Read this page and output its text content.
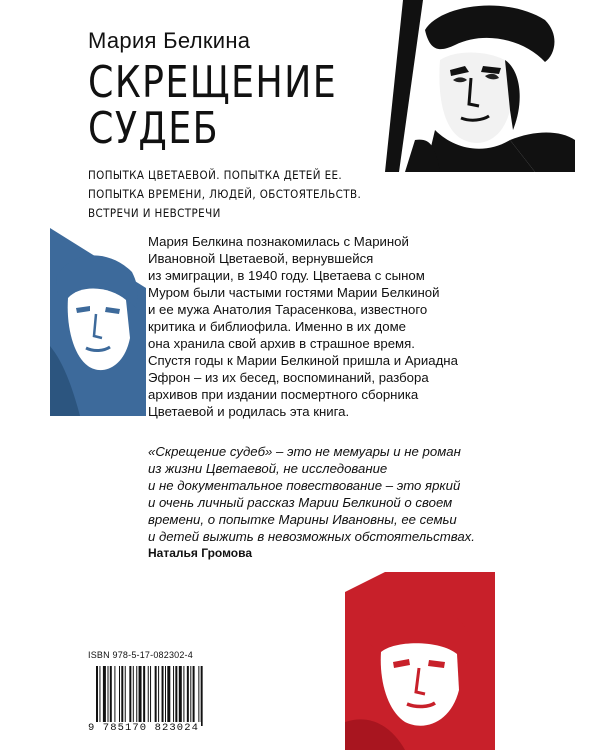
Мария Белкина
СКРЕЩЕНИЕ
СУДЕБ
ПОПЫТКА ЦВЕТАЕВОЙ. ПОПЫТКА ДЕТЕЙ ЕЕ.
ПОПЫТКА ВРЕМЕНИ, ЛЮДЕЙ, ОБСТОЯТЕЛЬСТВ.
ВСТРЕЧИ И НЕВСТРЕЧИ
Мария Белкина познакомилась с Мариной
Ивановной Цветаевой, вернувшейся
из эмиграции, в 1940 году. Цветаева с сыном
Муром были частыми гостями Марии Белкиной
и ее мужа Анатолия Тарасенкова, известного
критика и библиофила. Именно в их доме
она хранила свой архив в страшное время.
Спустя годы к Марии Белкиной пришла и Ариадна
Эфрон – из их бесед, воспоминаний, разбора
архивов при издании посмертного сборника
Цветаевой и родилась эта книга.
«Скрещение судеб» – это не мемуары и не роман
из жизни Цветаевой, не исследование
и не документальное повествование – это яркий
и очень личный рассказ Марии Белкиной о своем
времени, о попытке Марины Ивановны, ее семьи
и детей выжить в невозможных обстоятельствах.
Наталья Громова
ISBN 978-5-17-082302-4
9 785170 823024
